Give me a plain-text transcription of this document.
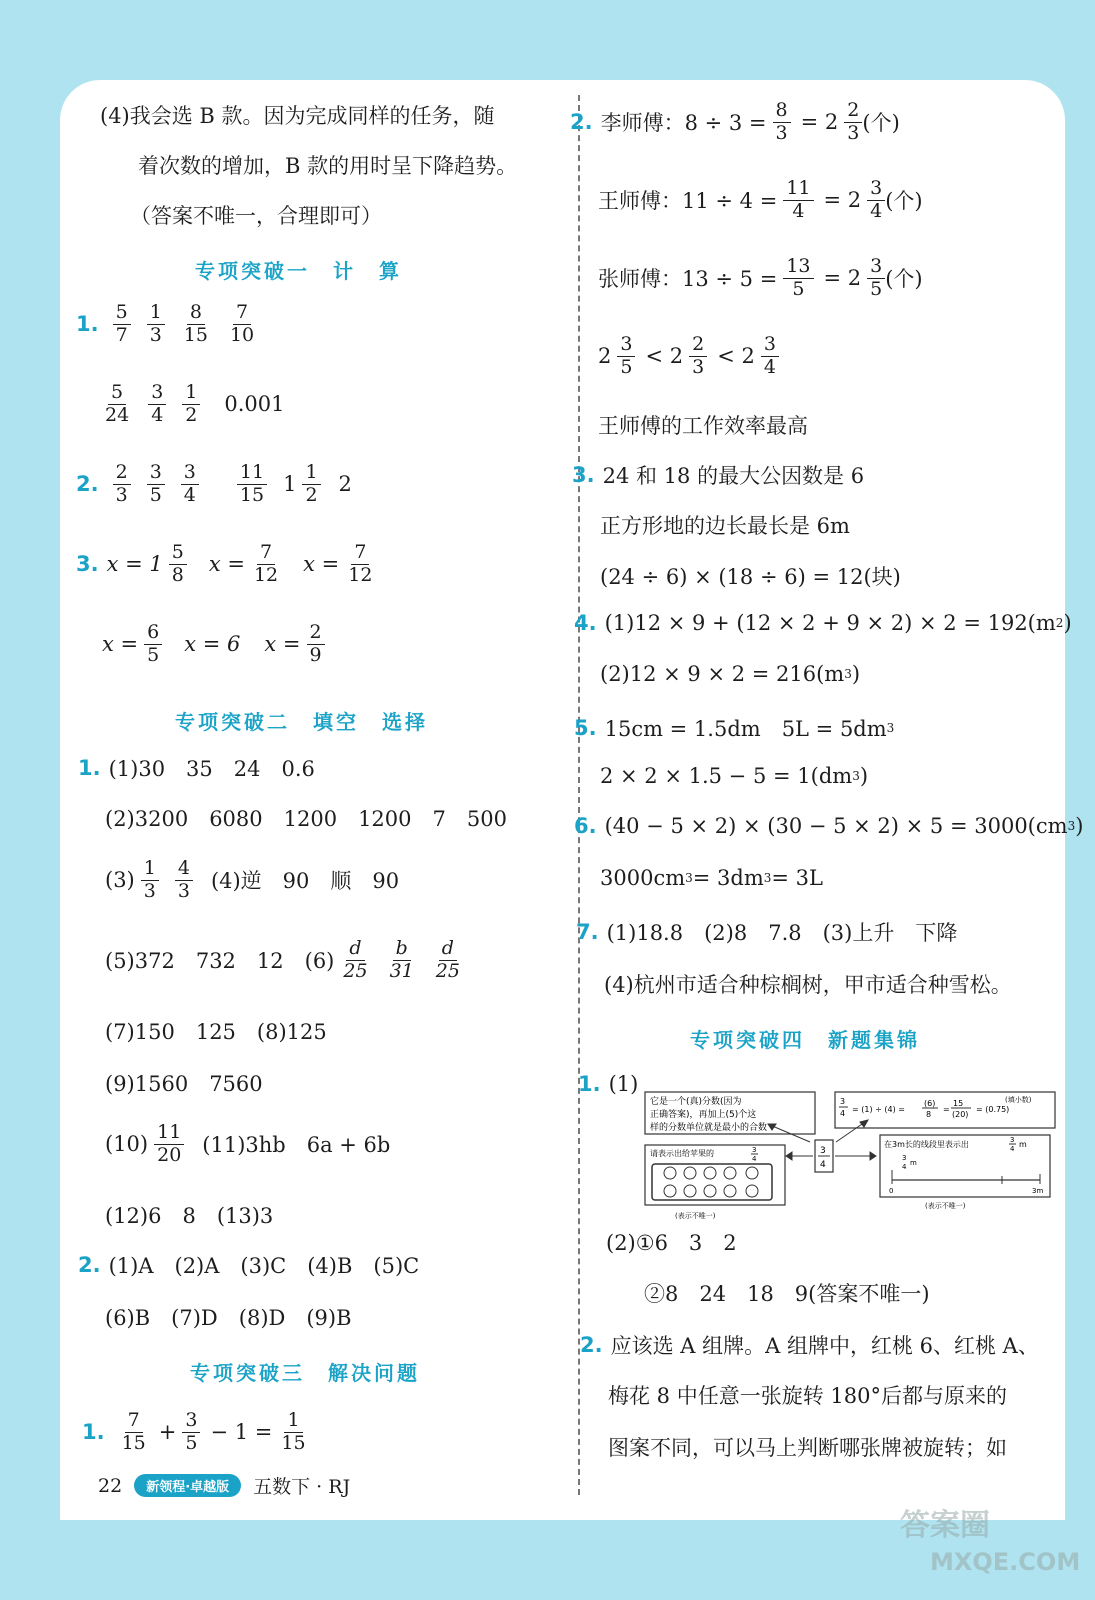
(4)我会选 B 款。因为完成同样的任务，随
着次数的增加，B 款的用时呈下降趋势。
（答案不唯一，合理即可）
专项突破一　计　算
1. $\frac{5}{7} \frac{1}{3} \frac{8}{15} \frac{7}{10}$
$\frac{5}{24} \frac{3}{4} \frac{1}{2} 0.001$
2. $\frac{2}{3} \frac{3}{5} \frac{3}{4} \frac{11}{15} 1 \frac{1}{2} 2$
3. $x = 1 \frac{5}{8}$ $x = \frac{7}{12}$ $x = \frac{7}{12}$
$x = \frac{6}{5}$ x = 6 $x = \frac{2}{9}$
专项突破二　填空　选择
1. (1)30　35　24　0.6
(2)3200　6080　1200　1200　7　500
$(3) \frac{1}{3} \frac{4}{3} (4)$逆　90　顺　90
(5)372　732　12　$(6) \frac{d}{25} \frac{b}{31} \frac{d}{25}$
(7)150　125　(8)125
(9)1560　7560
$(10) \frac{11}{20} (11)3hb$　6a + 6b
(12)6　8　(13)3
2. (1)A　(2)A　(3)C　(4)B　(5)C
(6)B　(7)D　(8)D　(9)B
专项突破三　解决问题
1. $\frac{7}{15} + \frac{3}{5} - 1 = \frac{1}{15}$
2. 李师傅：$8 \div 3 = \frac{8}{3} = 2 \frac{2}{3}$ (个)
王师傅：$11 \div 4 = \frac{11}{4} = 2 \frac{3}{4}$ (个)
张师傅：$13 \div 5 = \frac{13}{5} = 2 \frac{3}{5}$ (个)
$2 \frac{3}{5} < 2 \frac{2}{3} < 2 \frac{3}{4}$
王师傅的工作效率最高
3. 24 和 18 的最大公因数是 6
正方形地的边长最长是 6m
(24 ÷ 6) × (18 ÷ 6) = 12(块)
4. (1)12 × 9 + (12 × 2 + 9 × 2) × 2 = 192(m 2 )
(2)12 × 9 × 2 = 216(m 3 )
5. 15cm = 1.5dm　5L = 5dm 3
2 × 2 × 1.5 − 5 = 1(dm 3 )
6. (40 − 5 × 2) × (30 − 5 × 2) × 5 = 3000(cm 3 )
3000cm 3 = 3dm 3 = 3L
7. (1)18.8　(2)8　7.8　(3)上升　下降
(4)杭州市适合种棕榈树，甲市适合种雪松。
专项突破四　新题集锦
1. (1)
它是一个(真)分数(因为
正确答案)，再加上(5)个这
样的分数单位就是最小的合数
3
4 = (1) ÷ (4) =
(6)
8
=
15
(20)
= (0.75)
(填小数)
请表示出给苹果的	3
4
(表示不唯一)
3
4
在3m长的线段里表示出	3
4 m
3
4 m
0	3m
(表示不唯一)
(2)①6　3　2
②8　24　18　9(答案不唯一)
2. 应该选 A 组牌。A 组牌中，红桃 6、红桃 A、
梅花 8 中任意一张旋转 180°后都与原来的
图案不同，可以马上判断哪张牌被旋转；如
22	新领程·卓越版	五数下 · RJ
答案圈
MXQE.COM
